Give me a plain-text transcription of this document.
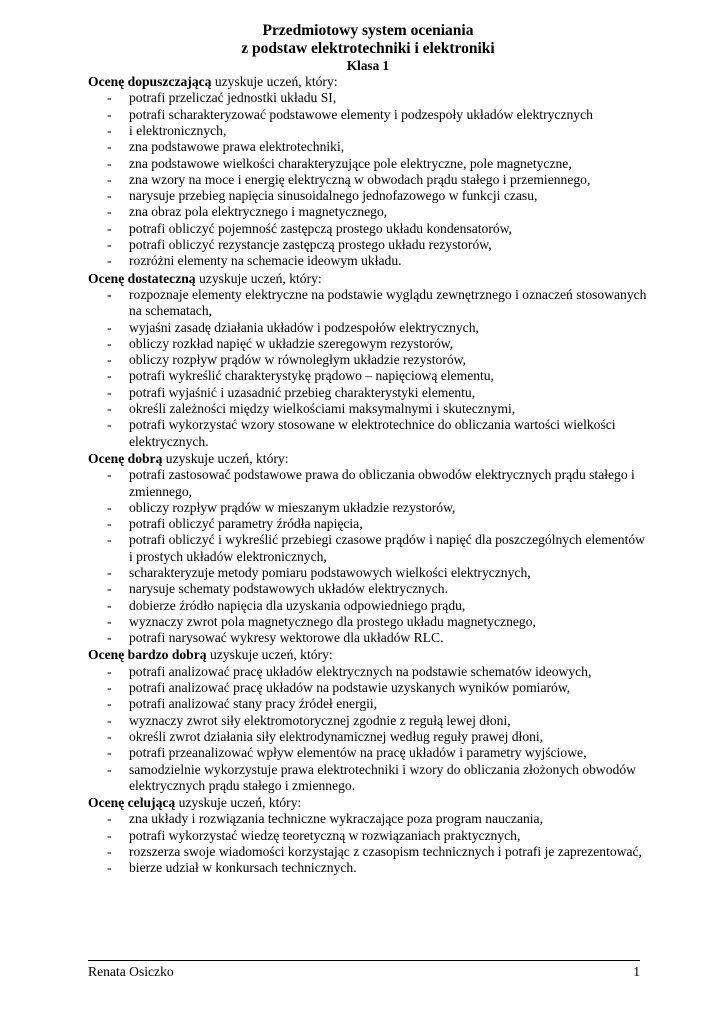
Przedmiotowy system oceniania
z podstaw elektrotechniki i elektroniki
Klasa 1
Ocenę dopuszczającą uzyskuje uczeń, który:
- potrafi przeliczać jednostki układu SI,
- potrafi scharakteryzować podstawowe elementy i podzespoły układów elektrycznych
- i elektronicznych,
- zna podstawowe prawa elektrotechniki,
- zna podstawowe wielkości charakteryzujące pole elektryczne, pole magnetyczne,
- zna wzory na moce i energię elektryczną w obwodach prądu stałego i przemiennego,
- narysuje przebieg napięcia sinusoidalnego jednofazowego w funkcji czasu,
- zna obraz pola elektrycznego i magnetycznego,
- potrafi obliczyć pojemność zastępczą prostego układu kondensatorów,
- potrafi obliczyć rezystancje zastępczą prostego układu rezystorów,
- rozróżni elementy na schemacie ideowym układu.
Ocenę dostateczną uzyskuje uczeń, który:
- rozpoznaje elementy elektryczne na podstawie wyglądu zewnętrznego i oznaczeń stosowanych na schematach,
- wyjaśni zasadę działania układów i podzespołów elektrycznych,
- obliczy rozkład napięć w układzie szeregowym rezystorów,
- obliczy rozpływ prądów w równoległym układzie rezystorów,
- potrafi wykreślić charakterystykę prądowo – napięciową elementu,
- potrafi wyjaśnić i uzasadnić przebieg charakterystyki elementu,
- określi zależności między wielkościami maksymalnymi i skutecznymi,
- potrafi wykorzystać wzory stosowane w elektrotechnice do obliczania wartości wielkości elektrycznych.
Ocenę dobrą uzyskuje uczeń, który:
- potrafi zastosować podstawowe prawa do obliczania obwodów elektrycznych prądu stałego i zmiennego,
- obliczy rozpływ prądów w mieszanym układzie rezystorów,
- potrafi obliczyć parametry źródła napięcia,
- potrafi obliczyć i wykreślić przebiegi czasowe prądów i napięć dla poszczególnych elementów i prostych układów elektronicznych,
- scharakteryzuje metody pomiaru podstawowych wielkości elektrycznych,
- narysuje schematy podstawowych układów elektrycznych.
- dobierze źródło napięcia dla uzyskania odpowiedniego prądu,
- wyznaczy zwrot pola magnetycznego dla prostego układu magnetycznego,
- potrafi narysować wykresy wektorowe dla układów RLC.
Ocenę bardzo dobrą uzyskuje uczeń, który:
- potrafi analizować pracę układów elektrycznych na podstawie schematów ideowych,
- potrafi analizować pracę układów na podstawie uzyskanych wyników pomiarów,
- potrafi analizować stany pracy źródeł energii,
- wyznaczy zwrot siły elektromotorycznej zgodnie z regułą lewej dłoni,
- określi zwrot działania siły elektrodynamicznej według reguły prawej dłoni,
- potrafi przeanalizować wpływ elementów na pracę układów i parametry wyjściowe,
- samodzielnie wykorzystuje prawa elektrotechniki i wzory do obliczania złożonych obwodów elektrycznych prądu stałego i zmiennego.
Ocenę celującą uzyskuje uczeń, który:
- zna układy i rozwiązania techniczne wykraczające poza program nauczania,
- potrafi wykorzystać wiedzę teoretyczną w rozwiązaniach praktycznych,
- rozszerza swoje wiadomości korzystając z czasopism technicznych i potrafi je zaprezentować,
- bierze udział w konkursach technicznych.
Renata Osiczko	1
